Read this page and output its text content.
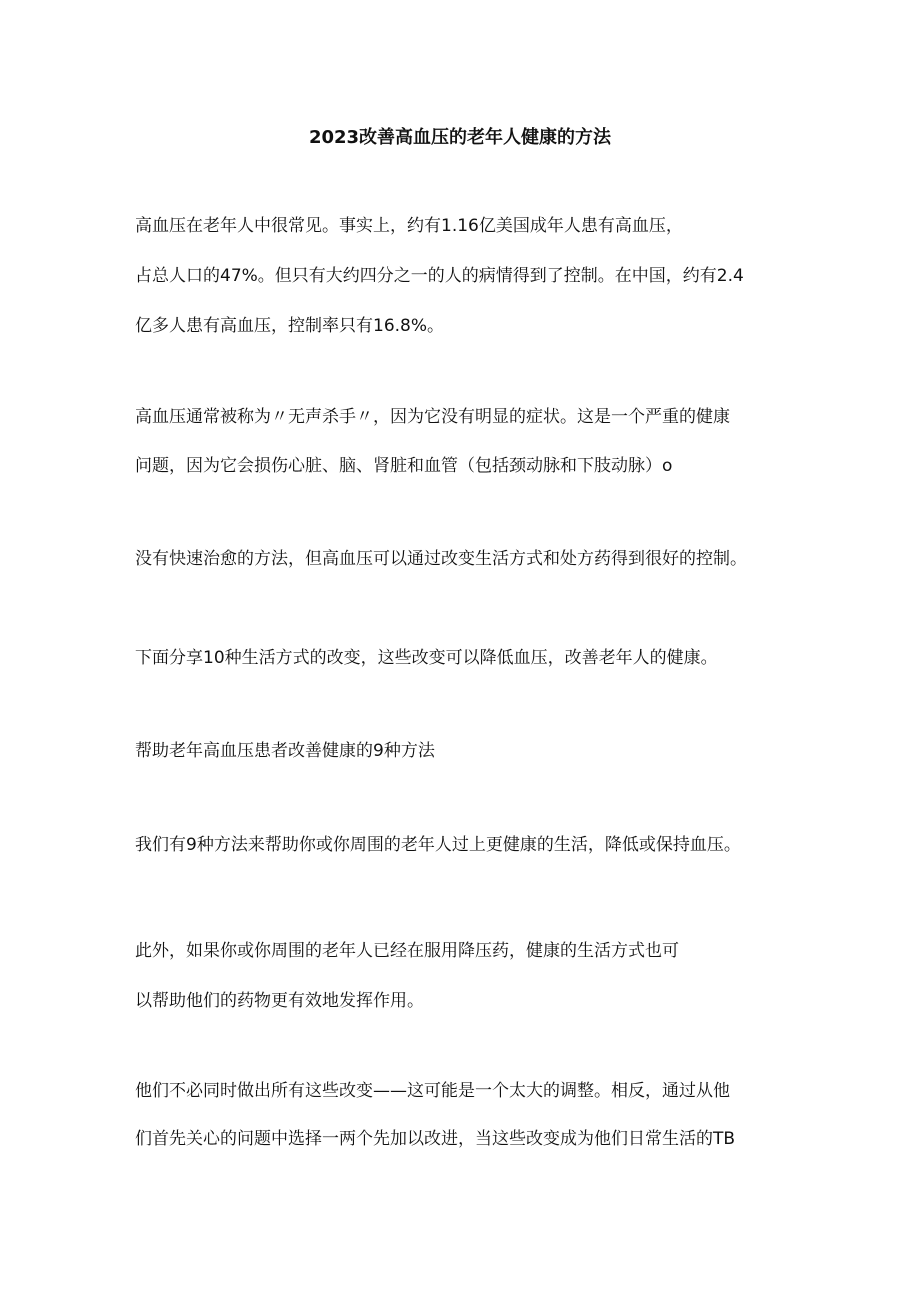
2023改善高血压的老年人健康的方法
高血压在老年人中很常见。事实上，约有1.16亿美国成年人患有高血压，
占总人口的47%。但只有大约四分之一的人的病情得到了控制。在中国，约有2.4
亿多人患有高血压，控制率只有16.8%。
高血压通常被称为〃无声杀手〃，因为它没有明显的症状。这是一个严重的健康
问题，因为它会损伤心脏、脑、肾脏和血管（包括颈动脉和下肢动脉）o
没有快速治愈的方法，但高血压可以通过改变生活方式和处方药得到很好的控制。
下面分享10种生活方式的改变，这些改变可以降低血压，改善老年人的健康。
帮助老年高血压患者改善健康的9种方法
我们有9种方法来帮助你或你周围的老年人过上更健康的生活，降低或保持血压。
此外，如果你或你周围的老年人已经在服用降压药，健康的生活方式也可
以帮助他们的药物更有效地发挥作用。
他们不必同时做出所有这些改变——这可能是一个太大的调整。相反，通过从他
们首先关心的问题中选择一两个先加以改进，当这些改变成为他们日常生活的TB
